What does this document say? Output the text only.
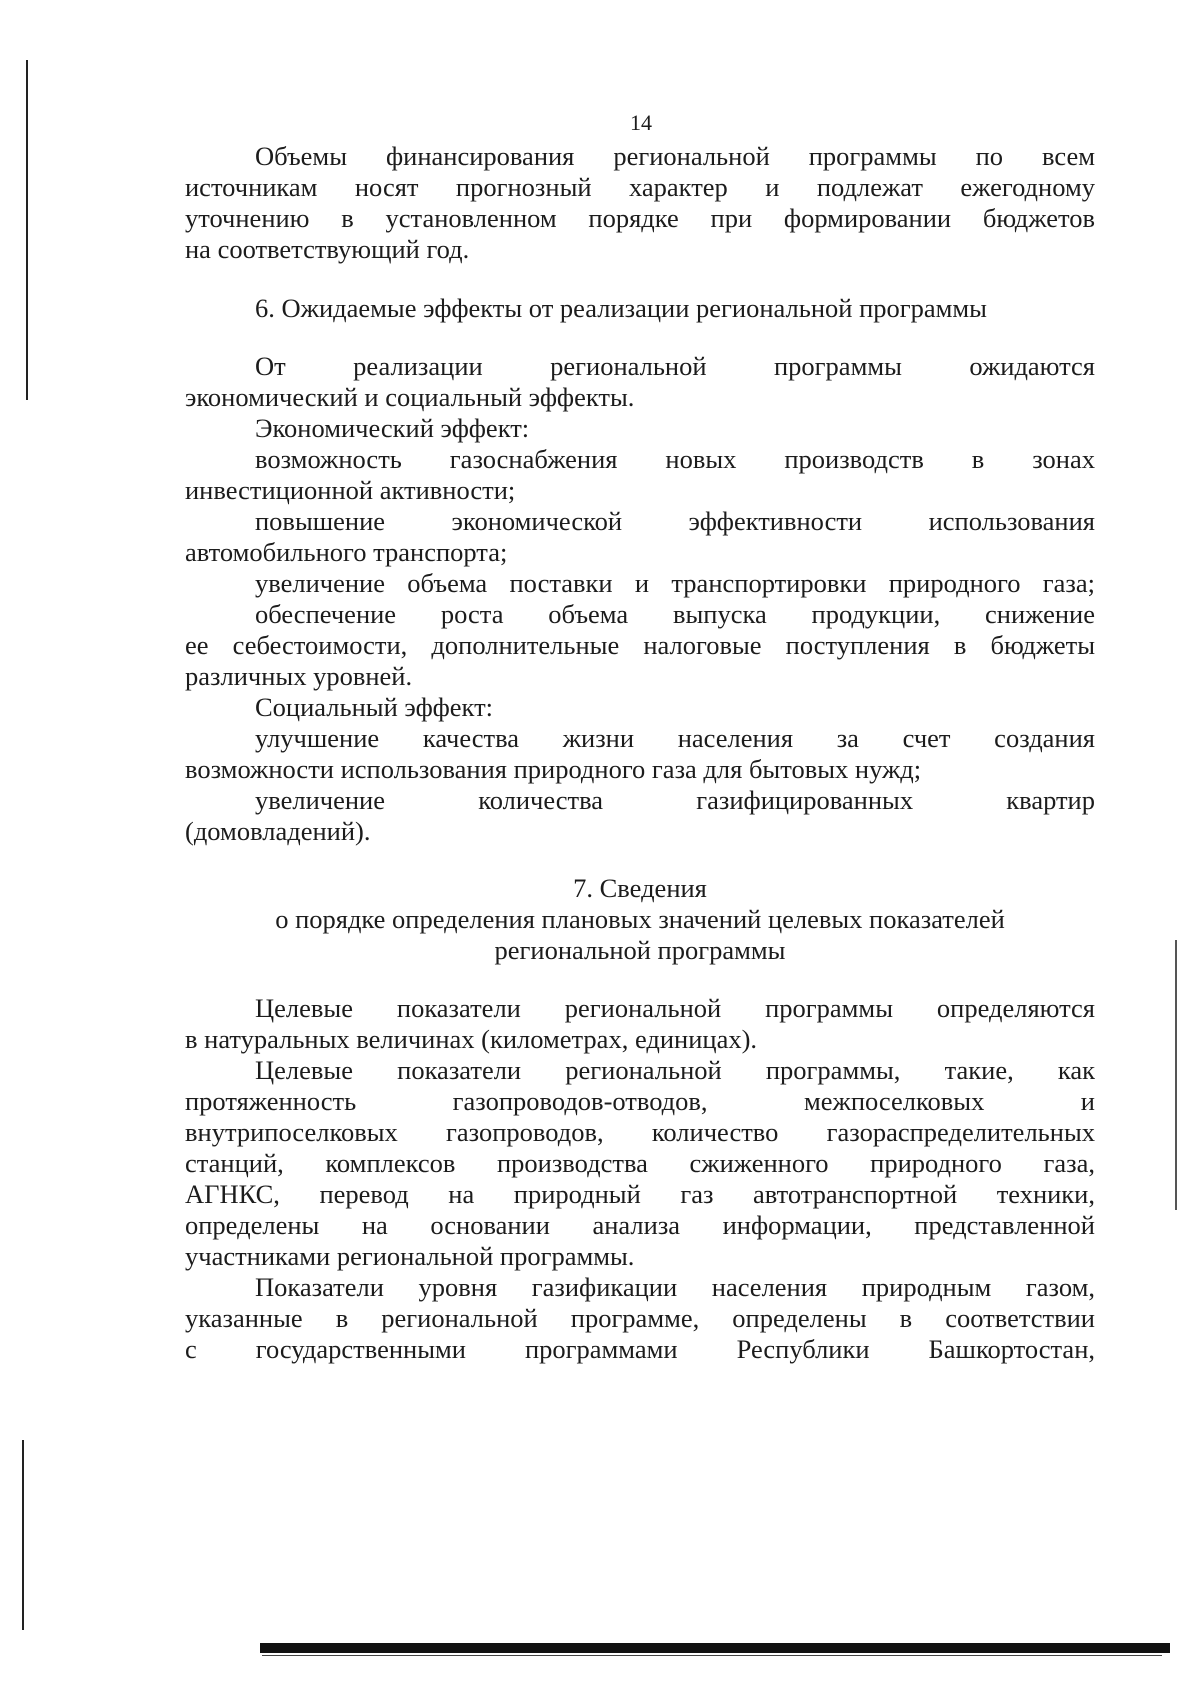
14
Объемы финансирования региональной программы по всем
источникам носят прогнозный характер и подлежат ежегодному
уточнению в установленном порядке при формировании бюджетов
на соответствующий год.
6. Ожидаемые эффекты от реализации региональной программы
От реализации региональной программы ожидаются
экономический и социальный эффекты.
Экономический эффект:
возможность газоснабжения новых производств в зонах
инвестиционной активности;
повышение экономической эффективности использования
автомобильного транспорта;
увеличение объема поставки и транспортировки природного газа;
обеспечение роста объема выпуска продукции, снижение
ее себестоимости, дополнительные налоговые поступления в бюджеты
различных уровней.
Социальный эффект:
улучшение качества жизни населения за счет создания
возможности использования природного газа для бытовых нужд;
увеличение количества газифицированных квартир
(домовладений).
7. Сведения
о порядке определения плановых значений целевых показателей
региональной программы
Целевые показатели региональной программы определяются
в натуральных величинах (километрах, единицах).
Целевые показатели региональной программы, такие, как
протяженность газопроводов-отводов, межпоселковых и
внутрипоселковых газопроводов, количество газораспределительных
станций, комплексов производства сжиженного природного газа,
АГНКС, перевод на природный газ автотранспортной техники,
определены на основании анализа информации, представленной
участниками региональной программы.
Показатели уровня газификации населения природным газом,
указанные в региональной программе, определены в соответствии
с государственными программами Республики Башкортостан,
